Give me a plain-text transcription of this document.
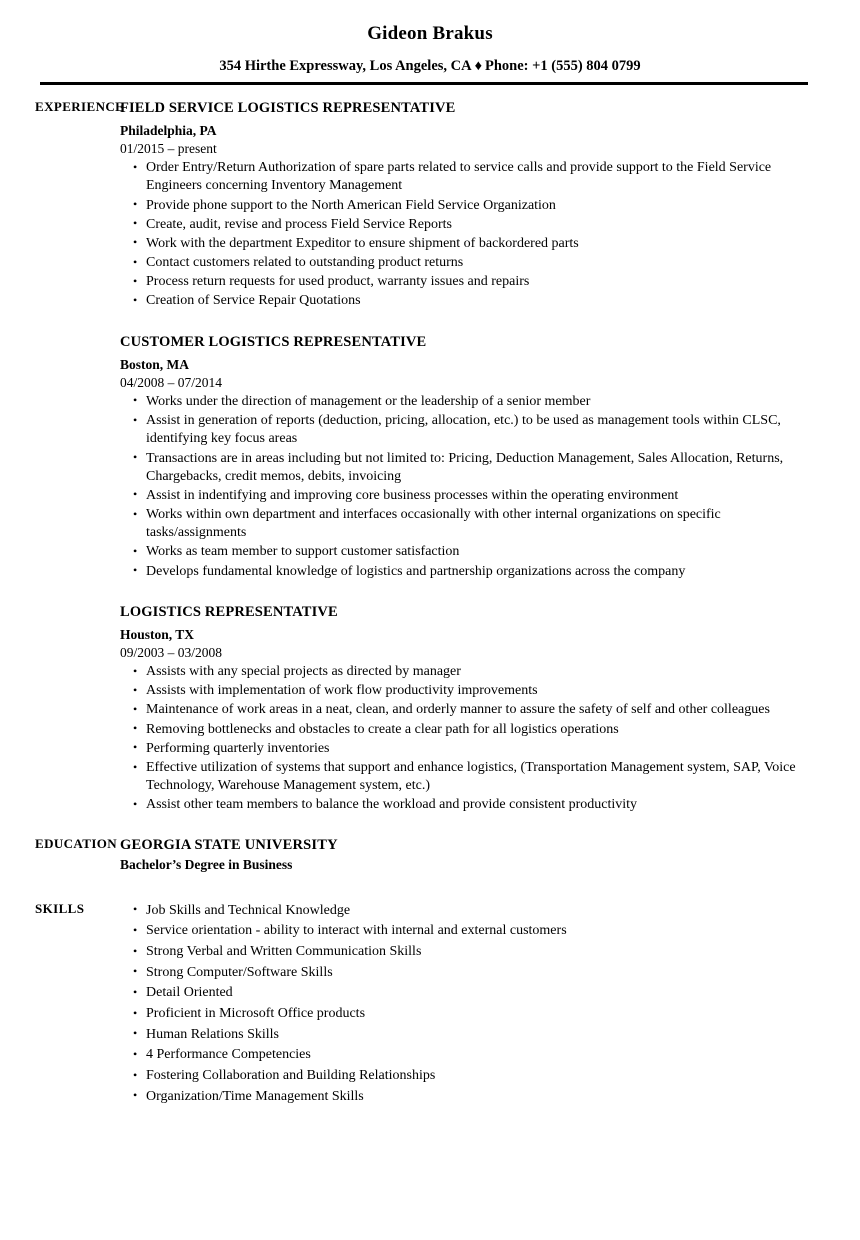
Gideon Brakus
354 Hirthe Expressway, Los Angeles, CA ♦ Phone: +1 (555) 804 0799
EXPERIENCE
FIELD SERVICE LOGISTICS REPRESENTATIVE
Philadelphia, PA
01/2015 – present
• Order Entry/Return Authorization of spare parts related to service calls and provide support to the Field Service Engineers concerning Inventory Management
• Provide phone support to the North American Field Service Organization
• Create, audit, revise and process Field Service Reports
• Work with the department Expeditor to ensure shipment of backordered parts
• Contact customers related to outstanding product returns
• Process return requests for used product, warranty issues and repairs
• Creation of Service Repair Quotations
CUSTOMER LOGISTICS REPRESENTATIVE
Boston, MA
04/2008 – 07/2014
• Works under the direction of management or the leadership of a senior member
• Assist in generation of reports (deduction, pricing, allocation, etc.) to be used as management tools within CLSC, identifying key focus areas
• Transactions are in areas including but not limited to: Pricing, Deduction Management, Sales Allocation, Returns, Chargebacks, credit memos, debits, invoicing
• Assist in indentifying and improving core business processes within the operating environment
• Works within own department and interfaces occasionally with other internal organizations on specific tasks/assignments
• Works as team member to support customer satisfaction
• Develops fundamental knowledge of logistics and partnership organizations across the company
LOGISTICS REPRESENTATIVE
Houston, TX
09/2003 – 03/2008
• Assists with any special projects as directed by manager
• Assists with implementation of work flow productivity improvements
• Maintenance of work areas in a neat, clean, and orderly manner to assure the safety of self and other colleagues
• Removing bottlenecks and obstacles to create a clear path for all logistics operations
• Performing quarterly inventories
• Effective utilization of systems that support and enhance logistics, (Transportation Management system, SAP, Voice Technology, Warehouse Management system, etc.)
• Assist other team members to balance the workload and provide consistent productivity
EDUCATION GEORGIA STATE UNIVERSITY
Bachelor’s Degree in Business
SKILLS	• Job Skills and Technical Knowledge
• Service orientation - ability to interact with internal and external customers
• Strong Verbal and Written Communication Skills
• Strong Computer/Software Skills
• Detail Oriented
• Proficient in Microsoft Office products
• Human Relations Skills
• 4 Performance Competencies
• Fostering Collaboration and Building Relationships
• Organization/Time Management Skills
